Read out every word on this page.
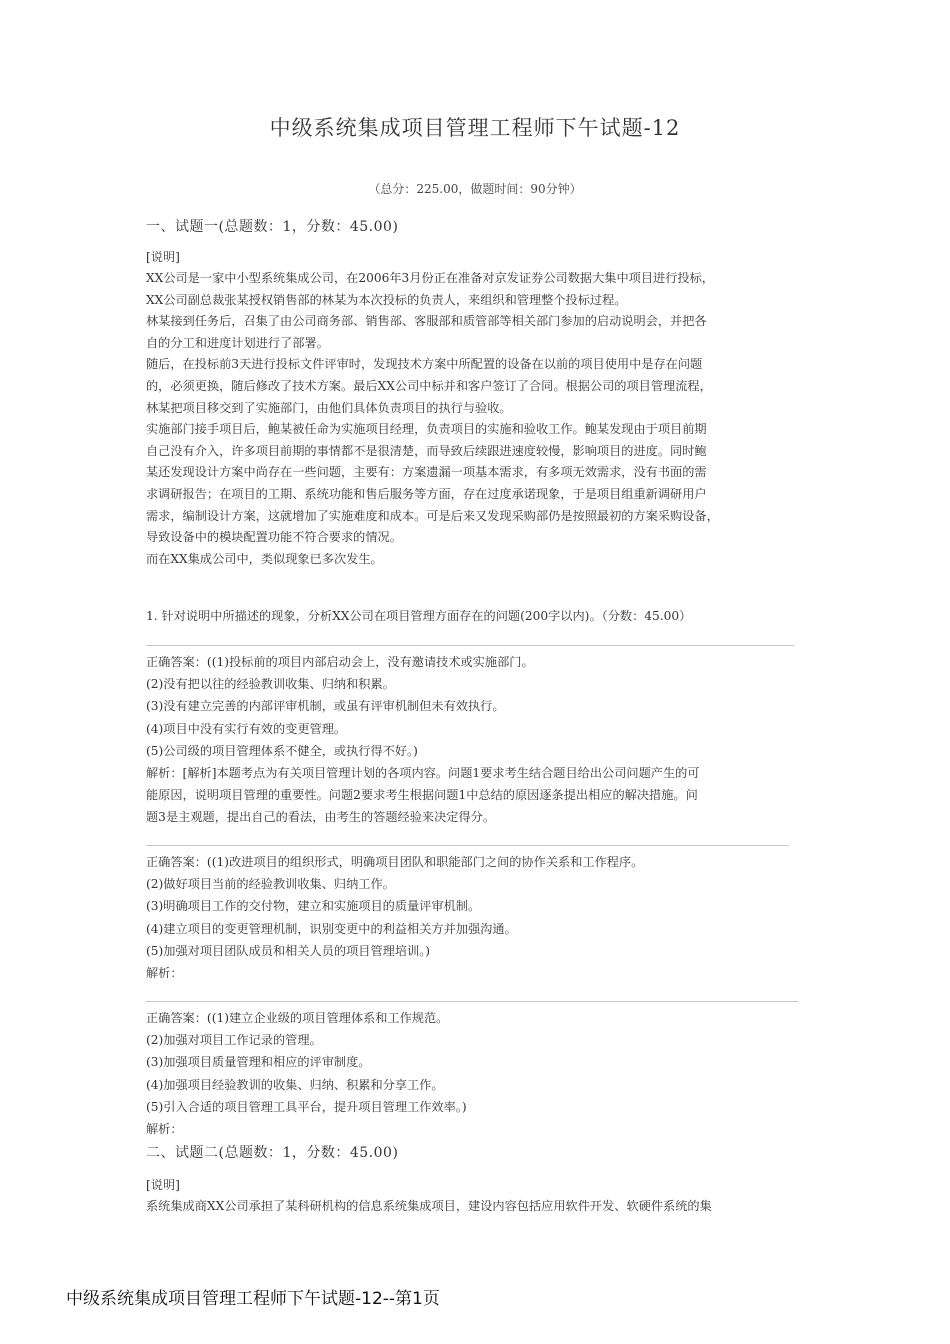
中级系统集成项目管理工程师下午试题-12
（总分：225.00，做题时间：90分钟）
一、试题一(总题数：1，分数：45.00)
[说明]
XX公司是一家中小型系统集成公司，在2006年3月份正在准备对京发证券公司数据大集中项目进行投标，
XX公司副总裁张某授权销售部的林某为本次投标的负责人，来组织和管理整个投标过程。
林某接到任务后，召集了由公司商务部、销售部、客服部和质管部等相关部门参加的启动说明会，并把各
自的分工和进度计划进行了部署。
随后，在投标前3天进行投标文件评审时，发现技术方案中所配置的设备在以前的项目使用中是存在问题
的，必须更换，随后修改了技术方案。最后XX公司中标并和客户签订了合同。根据公司的项目管理流程，
林某把项目移交到了实施部门，由他们具体负责项目的执行与验收。
实施部门接手项目后，鲍某被任命为实施项目经理，负责项目的实施和验收工作。鲍某发现由于项目前期
自己没有介入，许多项目前期的事情都不是很清楚，而导致后续跟进速度较慢，影响项目的进度。同时鲍
某还发现设计方案中尚存在一些问题，主要有：方案遗漏一项基本需求，有多项无效需求，没有书面的需
求调研报告；在项目的工期、系统功能和售后服务等方面，存在过度承诺现象，于是项目组重新调研用户
需求，编制设计方案，这就增加了实施难度和成本。可是后来又发现采购部仍是按照最初的方案采购设备，
导致设备中的模块配置功能不符合要求的情况。
而在XX集成公司中，类似现象已多次发生。
1. 针对说明中所描述的现象，分析XX公司在项目管理方面存在的问题(200字以内)。（分数：45.00）
正确答案：((1)投标前的项目内部启动会上，没有邀请技术或实施部门。
(2)没有把以往的经验教训收集、归纳和积累。
(3)没有建立完善的内部评审机制，或虽有评审机制但未有效执行。
(4)项目中没有实行有效的变更管理。
(5)公司级的项目管理体系不健全，或执行得不好。)
解析：[解析]本题考点为有关项目管理计划的各项内容。问题1要求考生结合题目给出公司问题产生的可
能原因，说明项目管理的重要性。问题2要求考生根据问题1中总结的原因逐条提出相应的解决措施。问
题3是主观题，提出自己的看法，由考生的答题经验来决定得分。
正确答案：((1)改进项目的组织形式，明确项目团队和职能部门之间的协作关系和工作程序。
(2)做好项目当前的经验教训收集、归纳工作。
(3)明确项目工作的交付物，建立和实施项目的质量评审机制。
(4)建立项目的变更管理机制，识别变更中的利益相关方并加强沟通。
(5)加强对项目团队成员和相关人员的项目管理培训。)
解析：
正确答案：((1)建立企业级的项目管理体系和工作规范。
(2)加强对项目工作记录的管理。
(3)加强项目质量管理和相应的评审制度。
(4)加强项目经验教训的收集、归纳、积累和分享工作。
(5)引入合适的项目管理工具平台，提升项目管理工作效率。)
解析：
二、试题二(总题数：1，分数：45.00)
[说明]
系统集成商XX公司承担了某科研机构的信息系统集成项目，建设内容包括应用软件开发、软硬件系统的集
中级系统集成项目管理工程师下午试题-12--第1页
